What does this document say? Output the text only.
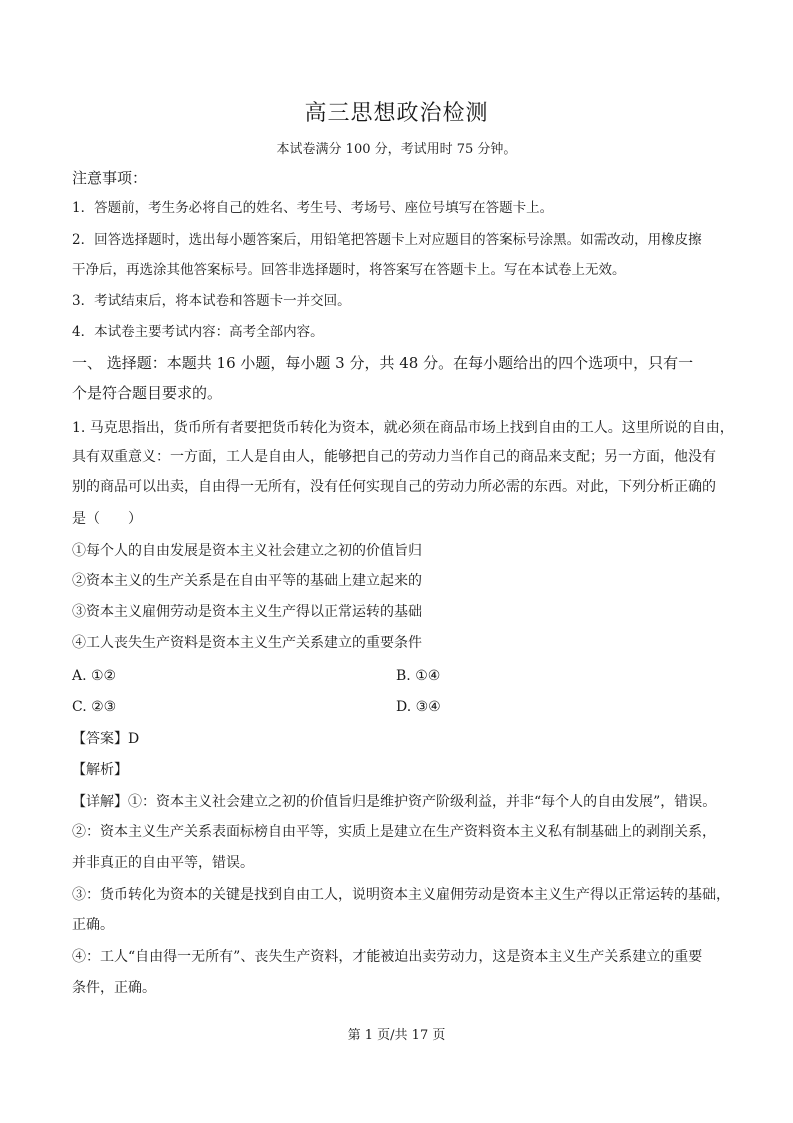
高三思想政治检测
本试卷满分 100 分，考试用时 75 分钟。
注意事项：
1．答题前，考生务必将自己的姓名、考生号、考场号、座位号填写在答题卡上。
2．回答选择题时，选出每小题答案后，用铅笔把答题卡上对应题目的答案标号涂黑。如需改动，用橡皮擦
干净后，再选涂其他答案标号。回答非选择题时，将答案写在答题卡上。写在本试卷上无效。
3．考试结束后，将本试卷和答题卡一并交回。
4．本试卷主要考试内容：高考全部内容。
一、 选择题：本题共 16 小题，每小题 3 分，共 48 分。在每小题给出的四个选项中，只有一
个是符合题目要求的。
1. 马克思指出，货币所有者要把货币转化为资本，就必须在商品市场上找到自由的工人。这里所说的自由，
具有双重意义：一方面，工人是自由人，能够把自己的劳动力当作自己的商品来支配；另一方面，他没有
别的商品可以出卖，自由得一无所有，没有任何实现自己的劳动力所必需的东西。对此，下列分析正确的
是（　　）
①每个人的自由发展是资本主义社会建立之初的价值旨归
②资本主义的生产关系是在自由平等的基础上建立起来的
③资本主义雇佣劳动是资本主义生产得以正常运转的基础
④工人丧失生产资料是资本主义生产关系建立的重要条件
A. ①②	B. ①④
C. ②③	D. ③④
【答案】D
【解析】
【详解】①：资本主义社会建立之初的价值旨归是维护资产阶级利益，并非“每个人的自由发展”，错误。
②：资本主义生产关系表面标榜自由平等，实质上是建立在生产资料资本主义私有制基础上的剥削关系，
并非真正的自由平等，错误。
③：货币转化为资本的关键是找到自由工人，说明资本主义雇佣劳动是资本主义生产得以正常运转的基础，
正确。
④：工人“自由得一无所有”、丧失生产资料，才能被迫出卖劳动力，这是资本主义生产关系建立的重要
条件，正确。
第 1 页/共 17 页
